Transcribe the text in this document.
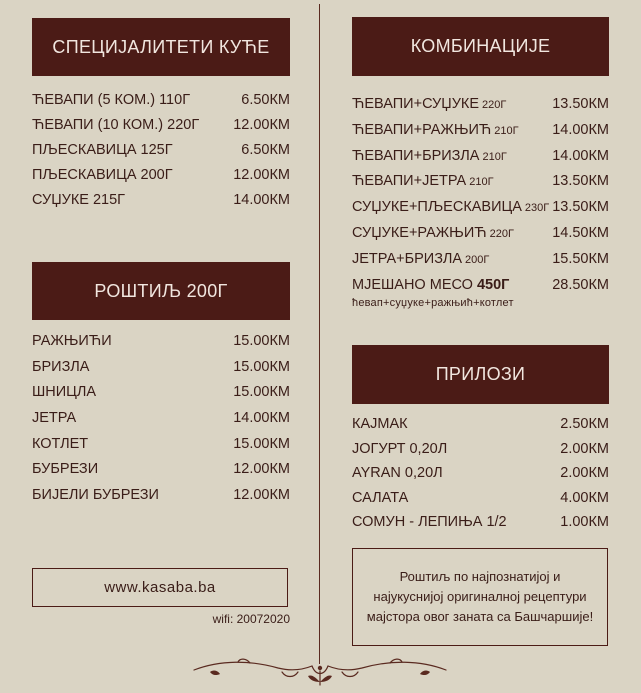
СПЕЦИЈАЛИТЕТИ КУЋЕ
ЋЕВАПИ (5 КОМ.) 110Г	6.50КМ
ЋЕВАПИ (10 КОМ.) 220Г 12.00КМ
ПЉЕСКАВИЦА 125Г	6.50КМ
ПЉЕСКАВИЦА 200Г	12.00КМ
СУЏУКЕ 215Г	14.00КМ
РОШТИЉ 200Г
РАЖЊИЋИ	15.00КМ
БРИЗЛА	15.00КМ
ШНИЦЛА	15.00КМ
ЈЕТРА	14.00КМ
КОТЛЕТ	15.00КМ
БУБРЕЗИ	12.00КМ
БИЈЕЛИ БУБРЕЗИ	12.00КМ
www.kasaba.ba
wifi: 20072020
КОМБИНАЦИЈЕ
ЋЕВАПИ+СУЏУКЕ 220Г	13.50КМ
ЋЕВАПИ+РАЖЊИЋ 210Г 14.00КМ
ЋЕВАПИ+БРИЗЛА 210Г	14.00КМ
ЋЕВАПИ+ЈЕТРА 210Г	13.50КМ
СУЏУКЕ+ПЉЕСКАВИЦА 230Г 13.50КМ
СУЏУКЕ+РАЖЊИЋ 220Г	14.50КМ
ЈЕТРА+БРИЗЛА 200Г	15.50КМ
МЈЕШАНО МЕСО 450Г	28.50КМ
ћевап+суџуке+ражњић+котлет
ПРИЛОЗИ
КАЈМАК	2.50КМ
ЈОГУРТ 0,20Л	2.00КМ
AYRAN 0,20Л	2.00КМ
САЛАТА	4.00КМ
СОМУН - ЛЕПИЊА 1/2	1.00КМ
Роштиљ по најпознатијој и најукуснијој оригиналној рецептури мајстора овог заната са Башчаршије!
